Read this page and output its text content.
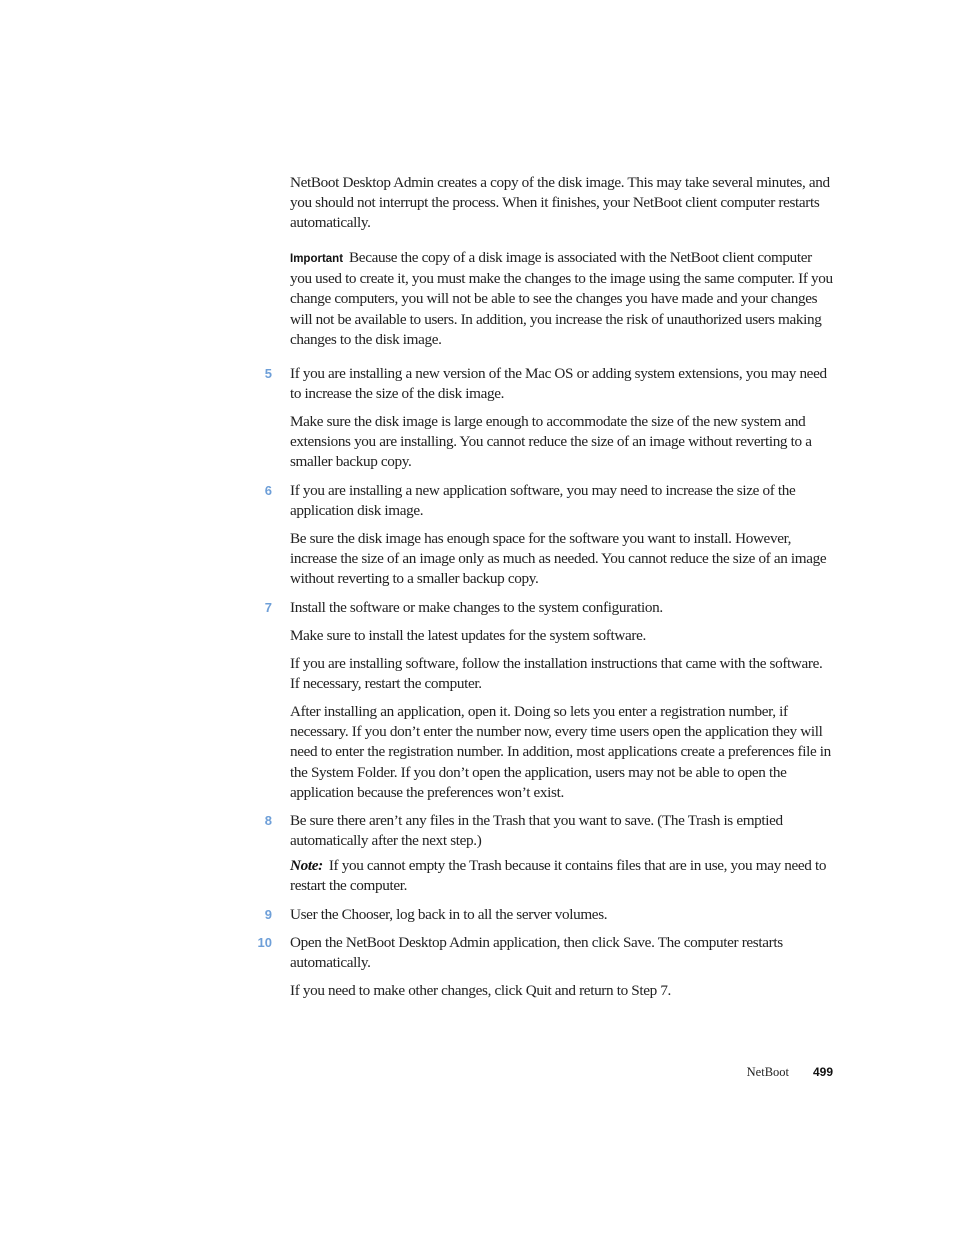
NetBoot Desktop Admin creates a copy of the disk image. This may take several minutes, and you should not interrupt the process. When it finishes, your NetBoot client computer restarts automatically.

Important Because the copy of a disk image is associated with the NetBoot client computer you used to create it, you must make the changes to the image using the same computer. If you change computers, you will not be able to see the changes you have made and your changes will not be available to users. In addition, you increase the risk of unauthorized users making changes to the disk image.

5 If you are installing a new version of the Mac OS or adding system extensions, you may need to increase the size of the disk image.

Make sure the disk image is large enough to accommodate the size of the new system and extensions you are installing. You cannot reduce the size of an image without reverting to a smaller backup copy.

6 If you are installing a new application software, you may need to increase the size of the application disk image.

Be sure the disk image has enough space for the software you want to install. However, increase the size of an image only as much as needed. You cannot reduce the size of an image without reverting to a smaller backup copy.

7 Install the software or make changes to the system configuration.

Make sure to install the latest updates for the system software.

If you are installing software, follow the installation instructions that came with the software. If necessary, restart the computer.

After installing an application, open it. Doing so lets you enter a registration number, if necessary. If you don’t enter the number now, every time users open the application they will need to enter the registration number. In addition, most applications create a preferences file in the System Folder. If you don’t open the application, users may not be able to open the application because the preferences won’t exist.

8 Be sure there aren’t any files in the Trash that you want to save. (The Trash is emptied automatically after the next step.)

Note: If you cannot empty the Trash because it contains files that are in use, you may need to restart the computer.

9 User the Chooser, log back in to all the server volumes.

10 Open the NetBoot Desktop Admin application, then click Save. The computer restarts automatically.

If you need to make other changes, click Quit and return to Step 7.

NetBoot	499
